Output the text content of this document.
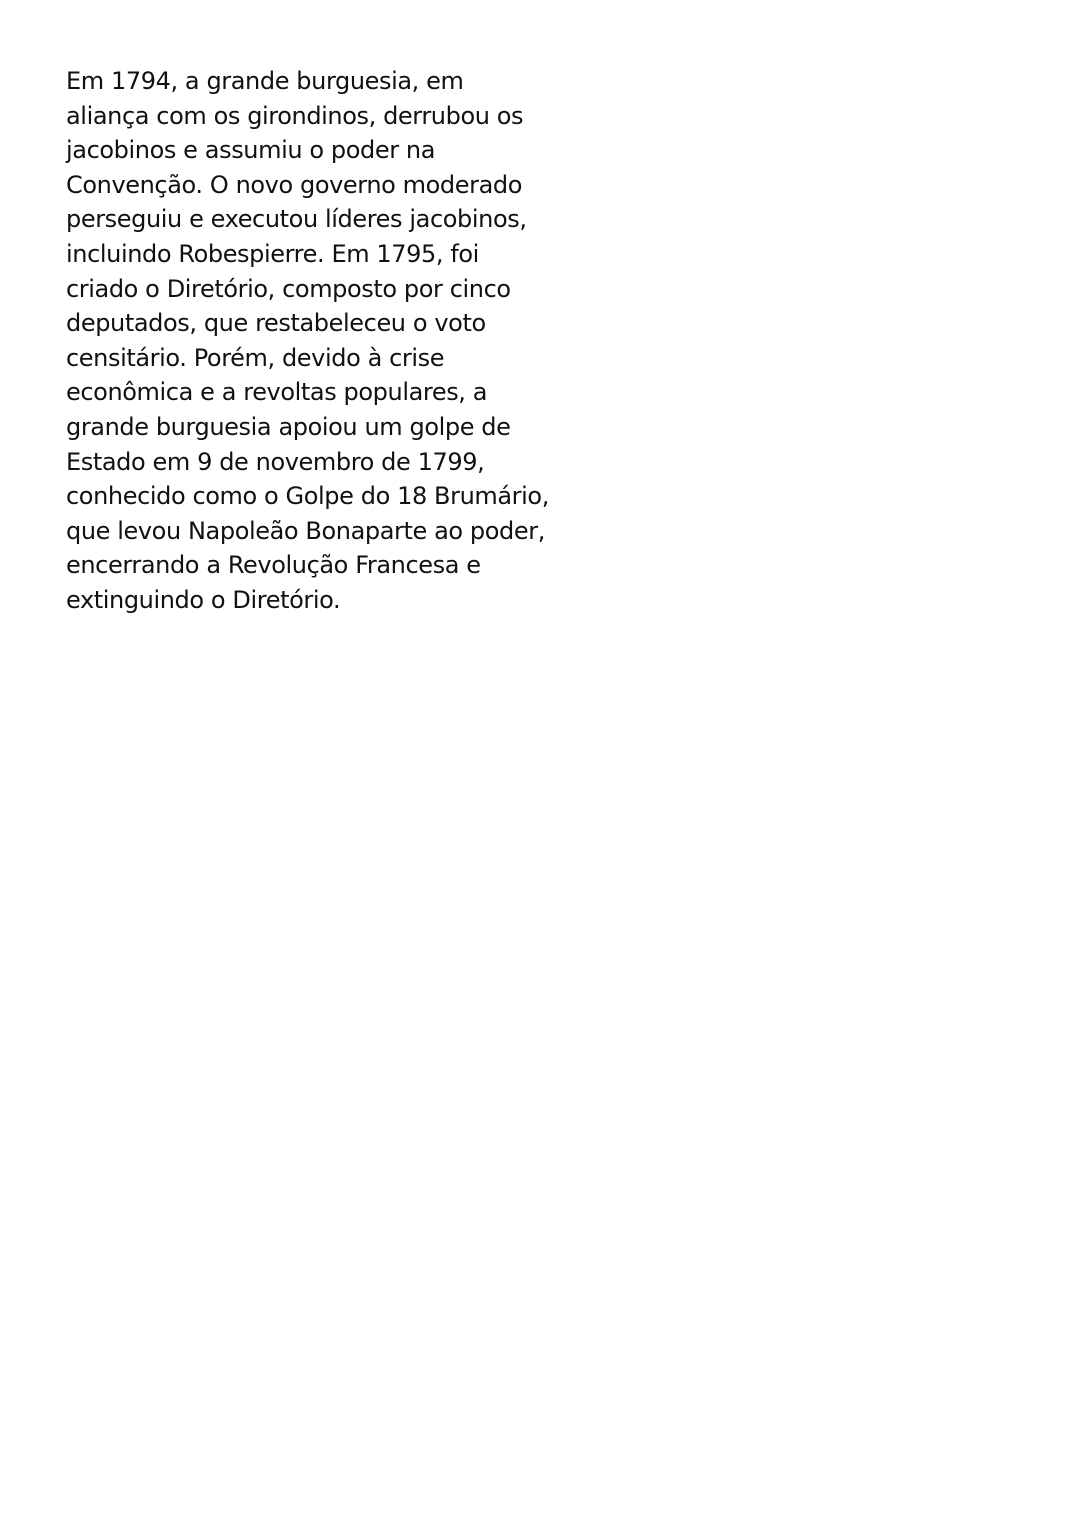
Em 1794, a grande burguesia, em
aliança com os girondinos, derrubou os
jacobinos e assumiu o poder na
Convenção. O novo governo moderado
perseguiu e executou líderes jacobinos,
incluindo Robespierre. Em 1795, foi
criado o Diretório, composto por cinco
deputados, que restabeleceu o voto
censitário. Porém, devido à crise
econômica e a revoltas populares, a
grande burguesia apoiou um golpe de
Estado em 9 de novembro de 1799,
conhecido como o Golpe do 18 Brumário,
que levou Napoleão Bonaparte ao poder,
encerrando a Revolução Francesa e
extinguindo o Diretório.
